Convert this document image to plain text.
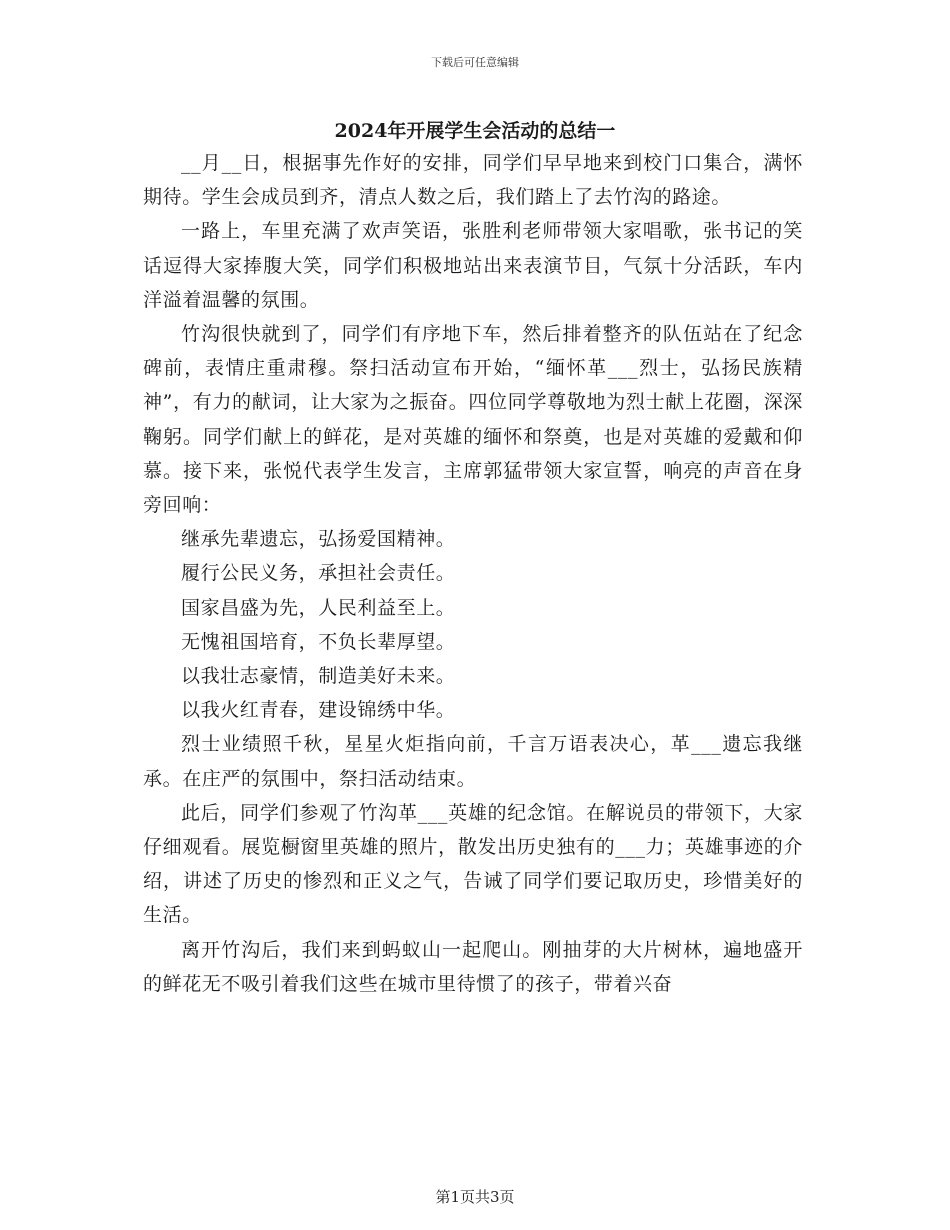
下载后可任意编辑
2024年开展学生会活动的总结一

__月__日，根据事先作好的安排，同学们早早地来到校门口集合，满怀期待。学生会成员到齐，清点人数之后，我们踏上了去竹沟的路途。

一路上，车里充满了欢声笑语，张胜利老师带领大家唱歌，张书记的笑话逗得大家捧腹大笑，同学们积极地站出来表演节目，气氛十分活跃，车内洋溢着温馨的氛围。

竹沟很快就到了，同学们有序地下车，然后排着整齐的队伍站在了纪念碑前，表情庄重肃穆。祭扫活动宣布开始，“缅怀革___烈士，弘扬民族精神”，有力的献词，让大家为之振奋。四位同学尊敬地为烈士献上花圈，深深鞠躬。同学们献上的鲜花，是对英雄的缅怀和祭奠，也是对英雄的爱戴和仰慕。接下来，张悦代表学生发言，主席郭猛带领大家宣誓，响亮的声音在身旁回响：

继承先辈遗忘，弘扬爱国精神。

履行公民义务，承担社会责任。

国家昌盛为先，人民利益至上。

无愧祖国培育，不负长辈厚望。

以我壮志豪情，制造美好未来。

以我火红青春，建设锦绣中华。

烈士业绩照千秋，星星火炬指向前，千言万语表决心，革___遗忘我继承。在庄严的氛围中，祭扫活动结束。

此后，同学们参观了竹沟革___英雄的纪念馆。在解说员的带领下，大家仔细观看。展览橱窗里英雄的照片，散发出历史独有的___力；英雄事迹的介绍，讲述了历史的惨烈和正义之气，告诫了同学们要记取历史，珍惜美好的生活。

离开竹沟后，我们来到蚂蚁山一起爬山。刚抽芽的大片树林，遍地盛开的鲜花无不吸引着我们这些在城市里待惯了的孩子，带着兴奋

第1页共3页
